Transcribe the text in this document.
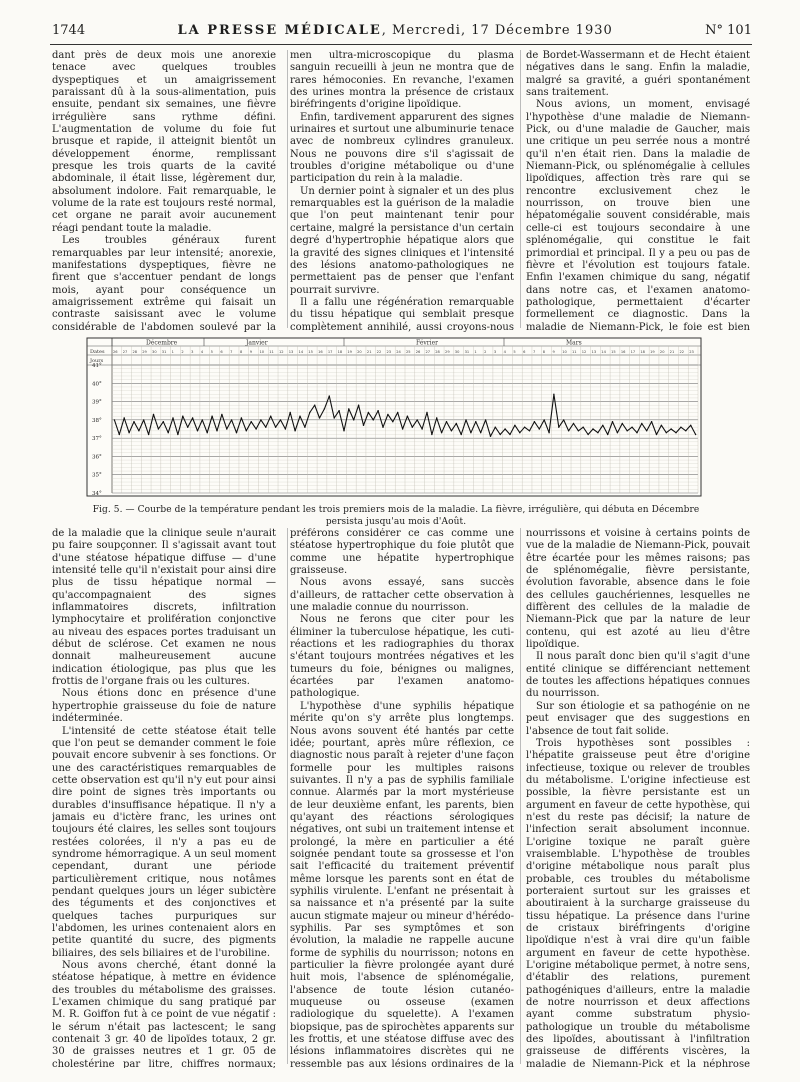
1744	LA PRESSE MÉDICALE, Mercredi, 17 Décembre 1930	N° 101

dant près de deux mois une anorexie tenace avec quelques troubles dyspeptiques et un amaigrissement paraissant dû à la sous-alimentation, puis ensuite, pendant six semaines, une fièvre irrégulière sans rythme défini. L'augmentation de volume du foie fut brusque et rapide, il atteignit bientôt un développement énorme, remplissant presque les trois quarts de la cavité abdominale, il était lisse, légèrement dur, absolument indolore. Fait remarquable, le volume de la rate est toujours resté normal, cet organe ne parait avoir aucunement réagi pendant toute la maladie.

Les troubles généraux furent remarquables par leur intensité; anorexie, manifestations dyspeptiques, fièvre ne firent que s'accentuer pendant de longs mois, ayant pour conséquence un amaigrissement extrême qui faisait un contraste saisissant avec le volume considérable de l'abdomen soulevé par la

men ultra-microscopique du plasma sanguin recueilli à jeun ne montra que de rares hémoconies. En revanche, l'examen des urines montra la présence de cristaux biréfringents d'origine lipoïdique.

Enfin, tardivement apparurent des signes urinaires et surtout une albuminurie tenace avec de nombreux cylindres granuleux. Nous ne pouvons dire s'il s'agissait de troubles d'origine métabolique ou d'une participation du rein à la maladie.

Un dernier point à signaler et un des plus remarquables est la guérison de la maladie que l'on peut maintenant tenir pour certaine, malgré la persistance d'un certain degré d'hypertrophie hépatique alors que la gravité des signes cliniques et l'intensité des lésions anatomo-pathologiques ne permettaient pas de penser que l'enfant pourrait survivre.

Il a fallu une régénération remarquable du tissu hépatique qui semblait presque complètement annihilé, aussi croyons-nous

de Bordet-Wassermann et de Hecht étaient négatives dans le sang. Enfin la maladie, malgré sa gravité, a guéri spontanément sans traitement.

Nous avions, un moment, envisagé l'hypothèse d'une maladie de Niemann-Pick, ou d'une maladie de Gaucher, mais une critique un peu serrée nous a montré qu'il n'en était rien. Dans la maladie de Niemann-Pick, ou splénomégalie à cellules lipoïdiques, affection très rare qui se rencontre exclusivement chez le nourrisson, on trouve bien une hépatomégalie souvent considérable, mais celle-ci est toujours secondaire à une splénomégalie, qui constitue le fait primordial et principal. Il y a peu ou pas de fièvre et l'évolution est toujours fatale. Enfin l'examen chimique du sang, négatif dans notre cas, et l'examen anatomo-pathologique, permettaient d'écarter formellement ce diagnostic. Dans la maladie de Niemann-Pick, le foie est bien

Décembre	Janvier	Février	Mars
Dates
Jours
41°
40°
39°
38°
37°
36°
35°
34°
26 27 28 29 30 31 1 2 3 4 5 6 7 8 9 10 11 12 13 14 15 16 17 18 19 20 21 22 23 24 25 26 27 28 29 30 31 1 2 3 4 5 6 7 8 9 10 11 12 13 14 15 16 17 18 19 20 21 22 23
Fig. 5. — Courbe de la température pendant les trois premiers mois de la maladie. La fièvre, irrégulière, qui débuta en Décembre persista jusqu'au mois d'Août.

de la maladie que la clinique seule n'aurait pu faire soupçonner. Il s'agissait avant tout d'une stéatose hépatique diffuse — d'une intensité telle qu'il n'existait pour ainsi dire plus de tissu hépatique normal — qu'accompagnaient des signes inflammatoires discrets, infiltration lymphocytaire et prolifération conjonctive au niveau des espaces portes traduisant un début de sclérose. Cet examen ne nous donnait malheureusement aucune indication étiologique, pas plus que les frottis de l'organe frais ou les cultures.

Nous étions donc en présence d'une hypertrophie graisseuse du foie de nature indéterminée.

L'intensité de cette stéatose était telle que l'on peut se demander comment le foie pouvait encore subvenir à ses fonctions. Or une des caractéristiques remarquables de cette observation est qu'il n'y eut pour ainsi dire point de signes très importants ou durables d'insuffisance hépatique. Il n'y a jamais eu d'ictère franc, les urines ont toujours été claires, les selles sont toujours restées colorées, il n'y a pas eu de syndrome hémorragique. A un seul moment cependant, durant une période particulièrement critique, nous notâmes pendant quelques jours un léger subictère des téguments et des conjonctives et quelques taches purpuriques sur l'abdomen, les urines contenaient alors en petite quantité du sucre, des pigments biliaires, des sels biliaires et de l'urobiline.

Nous avons cherché, étant donné la stéatose hépatique, à mettre en évidence des troubles du métabolisme des graisses. L'examen chimique du sang pratiqué par M. R. Goiffon fut à ce point de vue négatif : le sérum n'était pas lactescent; le sang contenait 3 gr. 40 de lipoïdes totaux, 2 gr. 30 de graisses neutres et 1 gr. 05 de cholestérine par litre, chiffres normaux;

préférons considérer ce cas comme une stéatose hypertrophique du foie plutôt que comme une hépatite hypertrophique graisseuse.

Nous avons essayé, sans succès d'ailleurs, de rattacher cette observation à une maladie connue du nourrisson.

Nous ne ferons que citer pour les éliminer la tuberculose hépatique, les cuti-réactions et les radiographies du thorax s'étant toujours montrées négatives et les tumeurs du foie, bénignes ou malignes, écartées par l'examen anatomo-pathologique.

L'hypothèse d'une syphilis hépatique mérite qu'on s'y arrête plus longtemps. Nous avons souvent été hantés par cette idée; pourtant, après mûre réflexion, ce diagnostic nous paraît à rejeter d'une façon formelle pour les multiples raisons suivantes. Il n'y a pas de syphilis familiale connue. Alarmés par la mort mystérieuse de leur deuxième enfant, les parents, bien qu'ayant des réactions sérologiques négatives, ont subi un traitement intense et prolongé, la mère en particulier a été soignée pendant toute sa grossesse et l'on sait l'efficacité du traitement préventif même lorsque les parents sont en état de syphilis virulente. L'enfant ne présentait à sa naissance et n'a présenté par la suite aucun stigmate majeur ou mineur d'hérédo-syphilis. Par ses symptômes et son évolution, la maladie ne rappelle aucune forme de syphilis du nourrisson; notons en particulier la fièvre prolongée ayant duré huit mois, l'absence de splénomégalie, l'absence de toute lésion cutanéo-muqueuse ou osseuse (examen radiologique du squelette). A l'examen biopsique, pas de spirochètes apparents sur les frottis, et une stéatose diffuse avec des lésions inflammatoires discrètes qui ne ressemble pas aux lésions ordinaires de la

nourrissons et voisine à certains points de vue de la maladie de Niemann-Pick, pouvait être écartée pour les mêmes raisons; pas de splénomégalie, fièvre persistante, évolution favorable, absence dans le foie des cellules gauchériennes, lesquelles ne diffèrent des cellules de la maladie de Niemann-Pick que par la nature de leur contenu, qui est azoté au lieu d'être lipoïdique.

Il nous paraît donc bien qu'il s'agit d'une entité clinique se différenciant nettement de toutes les affections hépatiques connues du nourrisson.

Sur son étiologie et sa pathogénie on ne peut envisager que des suggestions en l'absence de tout fait solide.

Trois hypothèses sont possibles : l'hépatite graisseuse peut être d'origine infectieuse, toxique ou relever de troubles du métabolisme. L'origine infectieuse est possible, la fièvre persistante est un argument en faveur de cette hypothèse, qui n'est du reste pas décisif; la nature de l'infection serait absolument inconnue. L'origine toxique ne paraît guère vraisemblable. L'hypothèse de troubles d'origine métabolique nous paraît plus probable, ces troubles du métabolisme porteraient surtout sur les graisses et aboutiraient à la surcharge graisseuse du tissu hépatique. La présence dans l'urine de cristaux biréfringents d'origine lipoïdique n'est à vrai dire qu'un faible argument en faveur de cette hypothèse. L'origine métabolique permet, à notre sens, d'établir des relations, purement pathogéniques d'ailleurs, entre la maladie de notre nourrisson et deux affections ayant comme substratum physio-pathologique un trouble du métabolisme des lipoïdes, aboutissant à l'infiltration graisseuse de différents viscères, la maladie de Niemann-Pick et la néphrose
